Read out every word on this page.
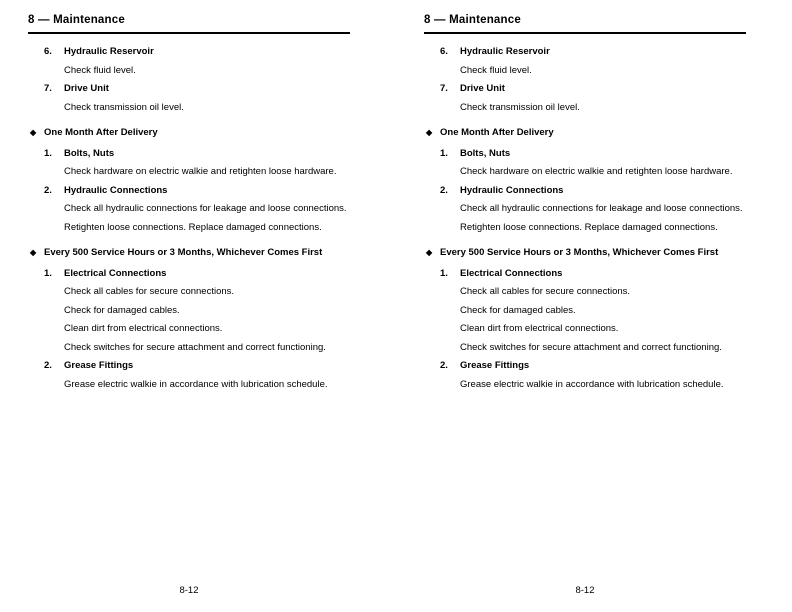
8 — Maintenance
6.	Hydraulic Reservoir

Check fluid level.

7.	Drive Unit

Check transmission oil level.

◆ One Month After Delivery
1.	Bolts, Nuts

Check hardware on electric walkie and retighten loose hardware.

2.	Hydraulic Connections

Check all hydraulic connections for leakage and loose connections.

Retighten loose connections. Replace damaged connections.

◆ Every 500 Service Hours or 3 Months, Whichever Comes First
1.	Electrical Connections

Check all cables for secure connections.

Check for damaged cables.

Clean dirt from electrical connections.

Check switches for secure attachment and correct functioning.

2.	Grease Fittings

Grease electric walkie in accordance with lubrication schedule.

8-12
8 — Maintenance
6.	Hydraulic Reservoir

Check fluid level.

7.	Drive Unit

Check transmission oil level.

◆ One Month After Delivery
1.	Bolts, Nuts

Check hardware on electric walkie and retighten loose hardware.

2.	Hydraulic Connections

Check all hydraulic connections for leakage and loose connections.

Retighten loose connections. Replace damaged connections.

◆ Every 500 Service Hours or 3 Months, Whichever Comes First
1.	Electrical Connections

Check all cables for secure connections.

Check for damaged cables.

Clean dirt from electrical connections.

Check switches for secure attachment and correct functioning.

2.	Grease Fittings

Grease electric walkie in accordance with lubrication schedule.

8-12
